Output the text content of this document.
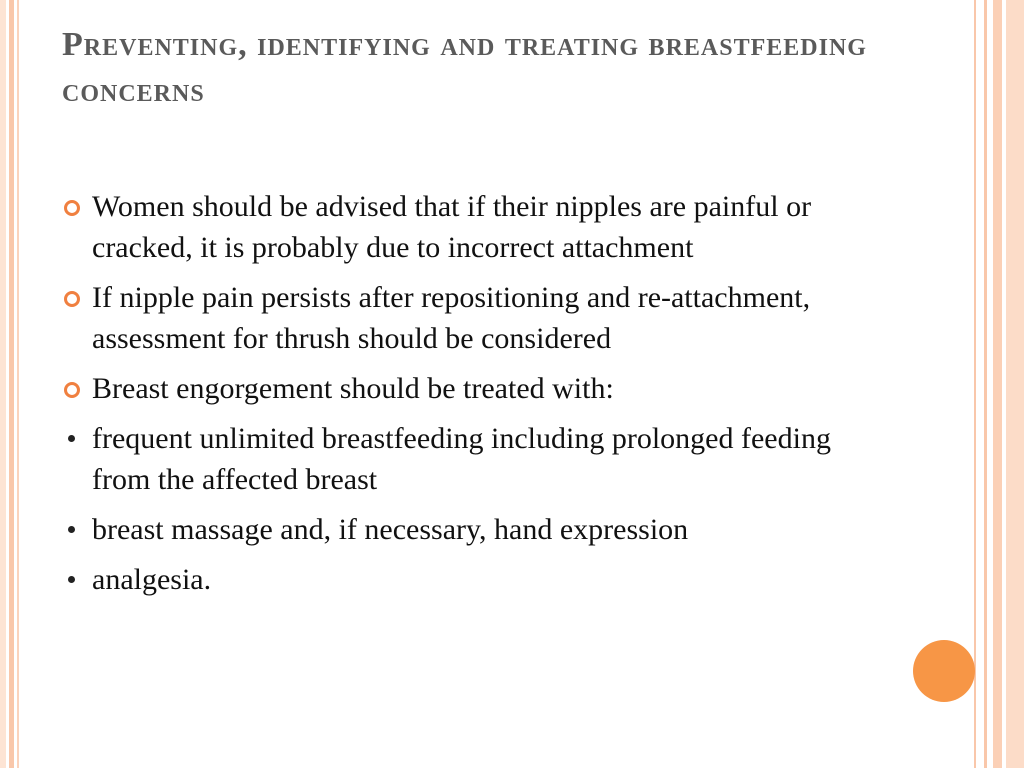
Preventing, identifying and treating breastfeeding concerns
Women should be advised that if their nipples are painful or cracked, it is probably due to incorrect attachment
If nipple pain persists after repositioning and re-attachment, assessment for thrush should be considered
Breast engorgement should be treated with:
frequent unlimited breastfeeding including prolonged feeding from the affected breast
breast massage and, if necessary, hand expression
analgesia.
